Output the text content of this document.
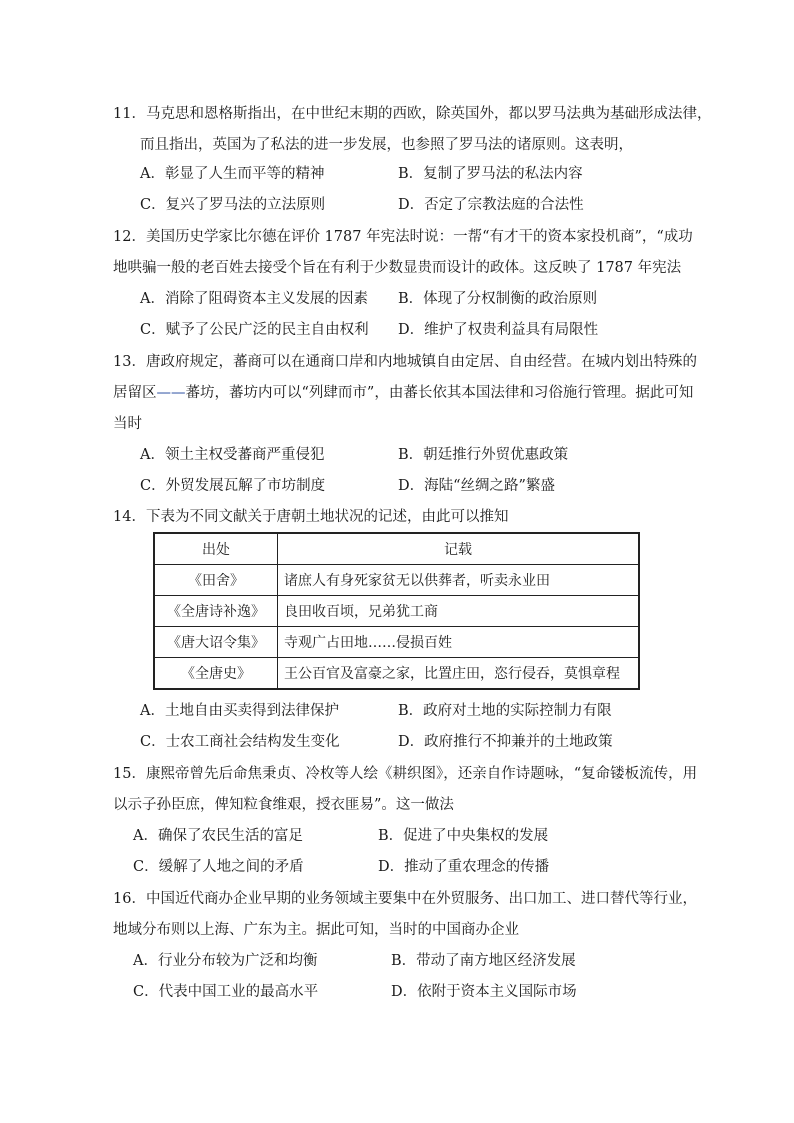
11．马克思和恩格斯指出，在中世纪末期的西欧，除英国外，都以罗马法典为基础形成法律，
而且指出，英国为了私法的进一步发展，也参照了罗马法的诸原则。这表明，
A．彰显了人生而平等的精神	B．复制了罗马法的私法内容
C．复兴了罗马法的立法原则	D．否定了宗教法庭的合法性
12．美国历史学家比尔德在评价 1787 年宪法时说：一帮“有才干的资本家投机商”，“成功
地哄骗一般的老百姓去接受个旨在有利于少数显贵而设计的政体。这反映了 1787 年宪法
A．消除了阻碍资本主义发展的因素 B．体现了分权制衡的政治原则
C．赋予了公民广泛的民主自由权利 D．维护了权贵利益具有局限性
13．唐政府规定，蕃商可以在通商口岸和内地城镇自由定居、自由经营。在城内划出特殊的
居留区——蕃坊，蕃坊内可以“列肆而市”，由蕃长依其本国法律和习俗施行管理。据此可知
当时
A．领土主权受蕃商严重侵犯	B．朝廷推行外贸优惠政策
C．外贸发展瓦解了市坊制度	D．海陆“丝绸之路”繁盛
14．下表为不同文献关于唐朝土地状况的记述，由此可以推知
出处	记载
《田舍》	诸庶人有身死家贫无以供葬者，听卖永业田
《全唐诗补逸》	良田收百顷，兄弟犹工商
《唐大诏令集》	寺观广占田地……侵损百姓
《全唐史》	王公百官及富豪之家，比置庄田，恣行侵吞，莫惧章程
A．土地自由买卖得到法律保护	B．政府对土地的实际控制力有限
C．士农工商社会结构发生变化	D．政府推行不抑兼并的土地政策
15．康熙帝曾先后命焦秉贞、冷枚等人绘《耕织图》，还亲自作诗题咏，“复命镂板流传，用
以示子孙臣庶，俾知粒食维艰，授衣匪易”。这一做法
A．确保了农民生活的富足	B．促进了中央集权的发展
C．缓解了人地之间的矛盾	D．推动了重农理念的传播
16．中国近代商办企业早期的业务领域主要集中在外贸服务、出口加工、进口替代等行业，
地域分布则以上海、广东为主。据此可知，当时的中国商办企业
A．行业分布较为广泛和均衡	B．带动了南方地区经济发展
C．代表中国工业的最高水平	D．依附于资本主义国际市场
